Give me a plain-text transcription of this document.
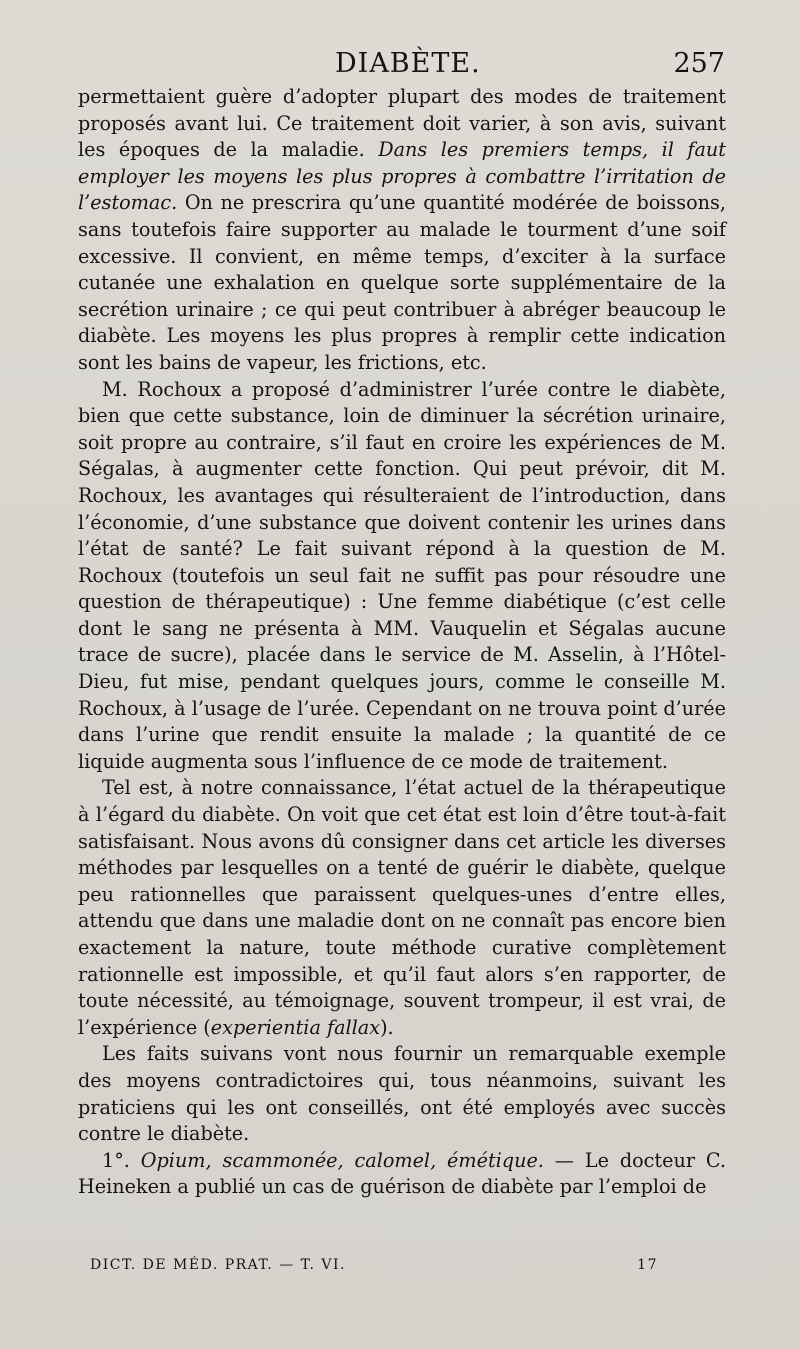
DIABÈTE.	257

permettaient guère d’adopter plupart des modes de traitement proposés avant lui. Ce traitement doit varier, à son avis, suivant les époques de la maladie. Dans les premiers temps, il faut employer les moyens les plus propres à combattre l’irritation de l’estomac. On ne prescrira qu’une quantité modérée de boissons, sans toutefois faire supporter au malade le tourment d’une soif excessive. Il convient, en même temps, d’exciter à la surface cutanée une exhalation en quelque sorte supplémentaire de la secrétion urinaire ; ce qui peut contribuer à abréger beaucoup le diabète. Les moyens les plus propres à remplir cette indication sont les bains de vapeur, les frictions, etc.

M. Rochoux a proposé d’administrer l’urée contre le diabète, bien que cette substance, loin de diminuer la sécrétion urinaire, soit propre au contraire, s’il faut en croire les expériences de M. Ségalas, à augmenter cette fonction. Qui peut prévoir, dit M. Rochoux, les avantages qui résulteraient de l’introduction, dans l’économie, d’une substance que doivent contenir les urines dans l’état de santé? Le fait suivant répond à la question de M. Rochoux (toutefois un seul fait ne suffit pas pour résoudre une question de thérapeutique) : Une femme diabétique (c’est celle dont le sang ne présenta à MM. Vauquelin et Ségalas aucune trace de sucre), placée dans le service de M. Asselin, à l’Hôtel-Dieu, fut mise, pendant quelques jours, comme le conseille M. Rochoux, à l’usage de l’urée. Cependant on ne trouva point d’urée dans l’urine que rendit ensuite la malade ; la quantité de ce liquide augmenta sous l’influence de ce mode de traitement.

Tel est, à notre connaissance, l’état actuel de la thérapeutique à l’égard du diabète. On voit que cet état est loin d’être tout-à-fait satisfaisant. Nous avons dû consigner dans cet article les diverses méthodes par lesquelles on a tenté de guérir le diabète, quelque peu rationnelles que paraissent quelques-unes d’entre elles, attendu que dans une maladie dont on ne connaît pas encore bien exactement la nature, toute méthode curative complètement rationnelle est impossible, et qu’il faut alors s’en rapporter, de toute nécessité, au témoignage, souvent trompeur, il est vrai, de l’expérience (experientia fallax).

Les faits suivans vont nous fournir un remarquable exemple des moyens contradictoires qui, tous néanmoins, suivant les praticiens qui les ont conseillés, ont été employés avec succès contre le diabète.

1°. Opium, scammonée, calomel, émétique. — Le docteur C. Heineken a publié un cas de guérison de diabète par l’emploi de

DICT. DE MÉD. PRAT. — T. VI.	17
